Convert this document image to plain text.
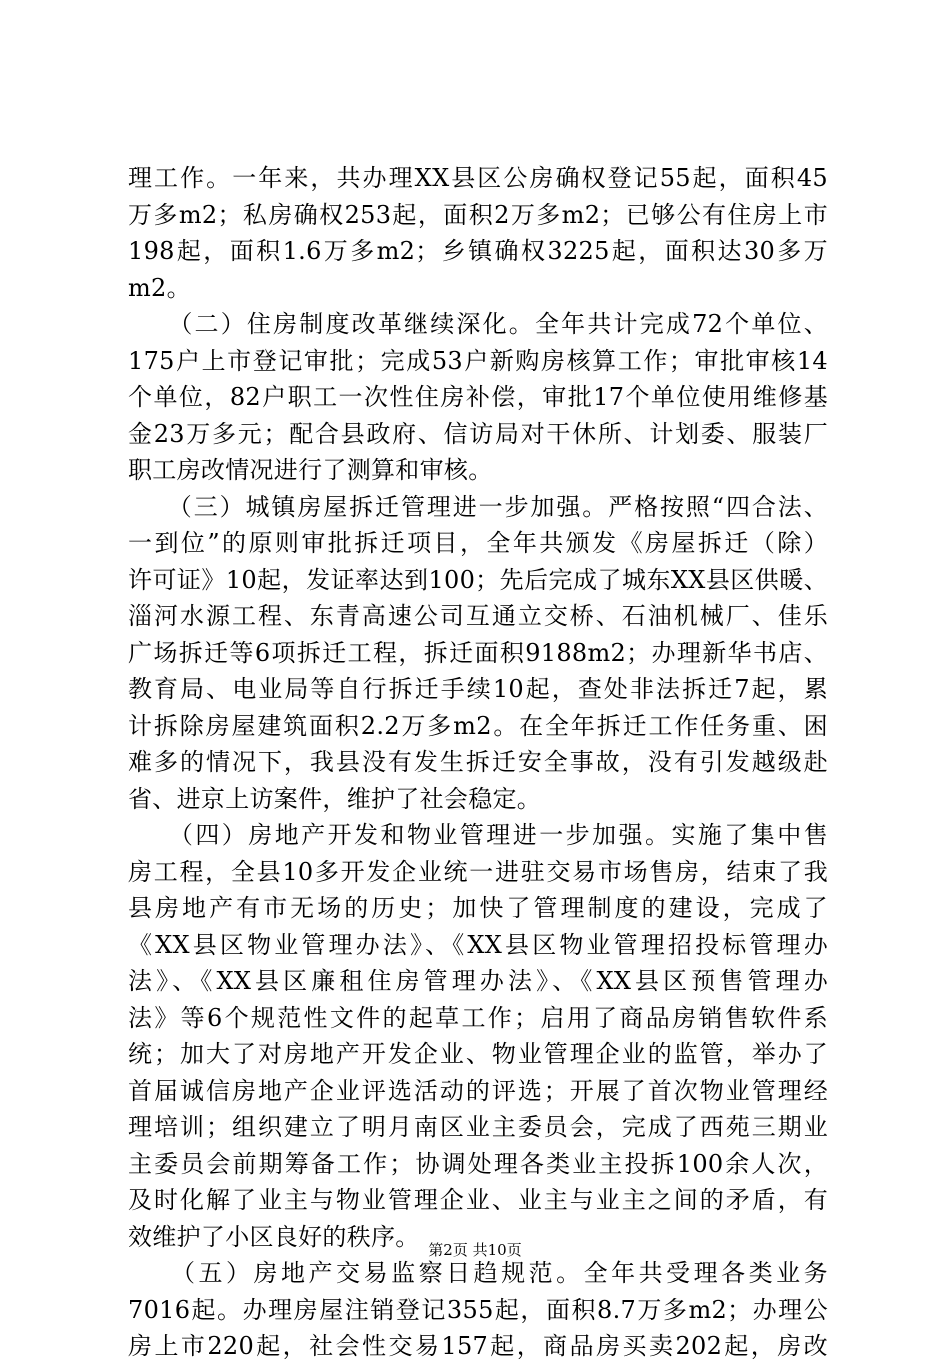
理工作。一年来，共办理XX县区公房确权登记55起，面积45
万多m2；私房确权253起，面积2万多m2；已够公有住房上市
198起，面积1.6万多m2；乡镇确权3225起，面积达30多万
m2。
　　（二）住房制度改革继续深化。全年共计完成72个单位、
175户上市登记审批；完成53户新购房核算工作；审批审核14
个单位，82户职工一次性住房补偿，审批17个单位使用维修基
金23万多元；配合县政府、信访局对干休所、计划委、服装厂
职工房改情况进行了测算和审核。
　　（三）城镇房屋拆迁管理进一步加强。严格按照“四合法、
一到位”的原则审批拆迁项目，全年共颁发《房屋拆迁（除）
许可证》10起，发证率达到100；先后完成了城东XX县区供暖、
淄河水源工程、东青高速公司互通立交桥、石油机械厂、佳乐
广场拆迁等6项拆迁工程，拆迁面积9188m2；办理新华书店、
教育局、电业局等自行拆迁手续10起，查处非法拆迁7起，累
计拆除房屋建筑面积2.2万多m2。在全年拆迁工作任务重、困
难多的情况下，我县没有发生拆迁安全事故，没有引发越级赴
省、进京上访案件，维护了社会稳定。
　　（四）房地产开发和物业管理进一步加强。实施了集中售
房工程，全县10多开发企业统一进驻交易市场售房，结束了我
县房地产有市无场的历史；加快了管理制度的建设，完成了
《XX县区物业管理办法》、《XX县区物业管理招投标管理办
法》、《XX县区廉租住房管理办法》、《XX县区预售管理办
法》等6个规范性文件的起草工作；启用了商品房销售软件系
统；加大了对房地产开发企业、物业管理企业的监管，举办了
首届诚信房地产企业评选活动的评选；开展了首次物业管理经
理培训；组织建立了明月南区业主委员会，完成了西苑三期业
主委员会前期筹备工作；协调处理各类业主投拆100余人次，
及时化解了业主与物业管理企业、业主与业主之间的矛盾，有
效维护了小区良好的秩序。
　　（五）房地产交易监察日趋规范。全年共受理各类业务
7016起。办理房屋注销登记355起，面积8.7万多m2；办理公
房上市220起，社会性交易157起，商品房买卖202起，房改
第2页 共10页
